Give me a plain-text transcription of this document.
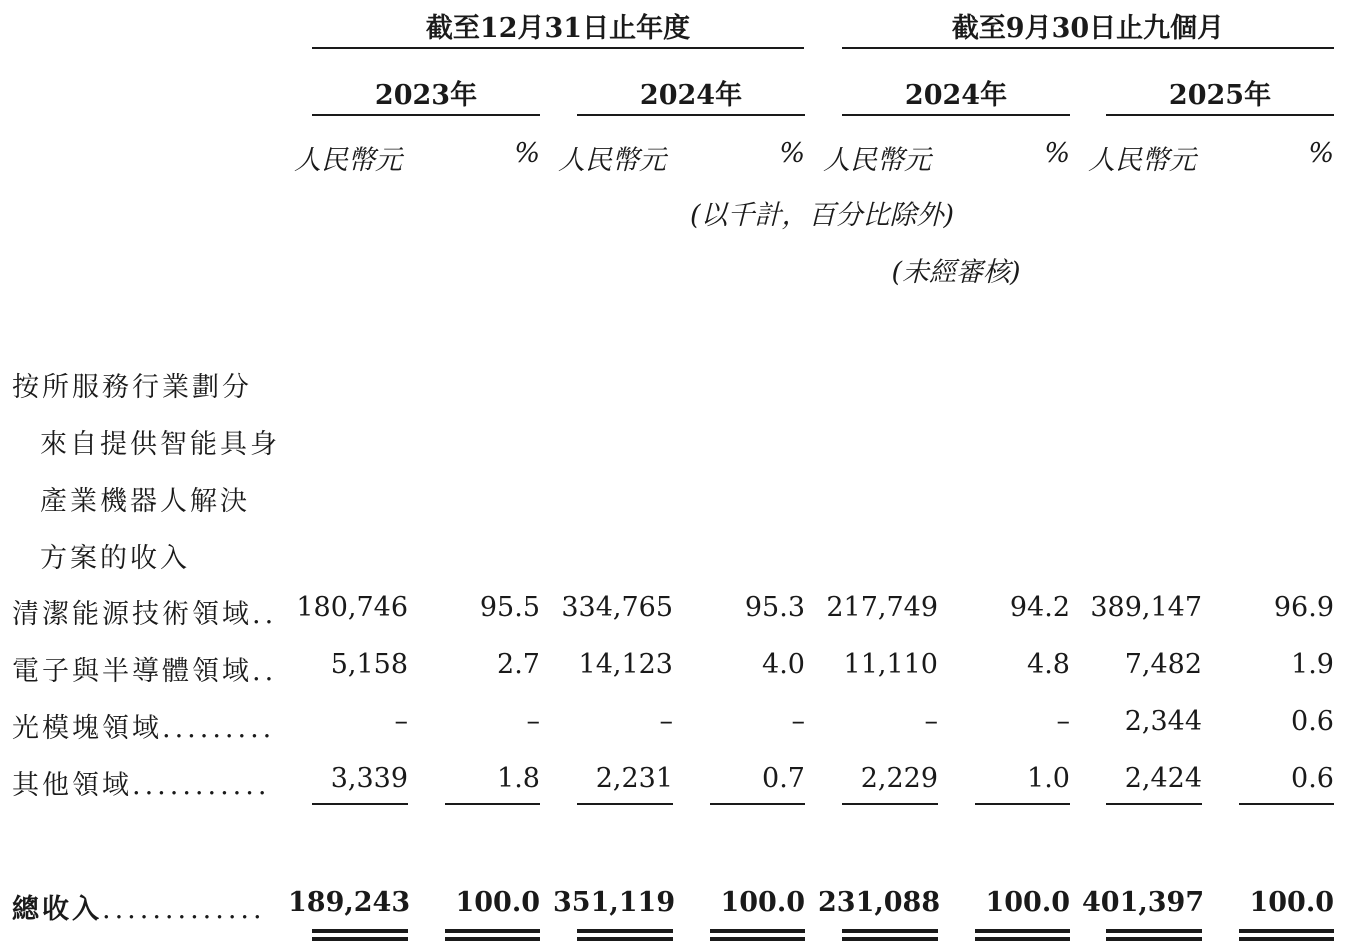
截至12月31日止年度	截至9月30日止九個月
2023年	2024年	2024年	2025年
人民幣元	% 人民幣元	% 人民幣元	% 人民幣元	%
(以千計，百分比除外)
(未經審核)
按所服務行業劃分
來自提供智能具身
產業機器人解決
方案的收入
清潔能源技術領域.. 180,746	95.5 334,765	95.3 217,749	94.2 389,147	96.9
電子與半導體領域..	5,158	2.7	14,123	4.0	11,110	4.8	7,482	1.9
光模塊領域.........	–	–	–	–	–	–	2,344	0.6
其他領域...........	3,339	1.8	2,231	0.7	2,229	1.0	2,424	0.6
總收入............. 189,243	100.0 351,119	100.0 231,088	100.0 401,397	100.0
